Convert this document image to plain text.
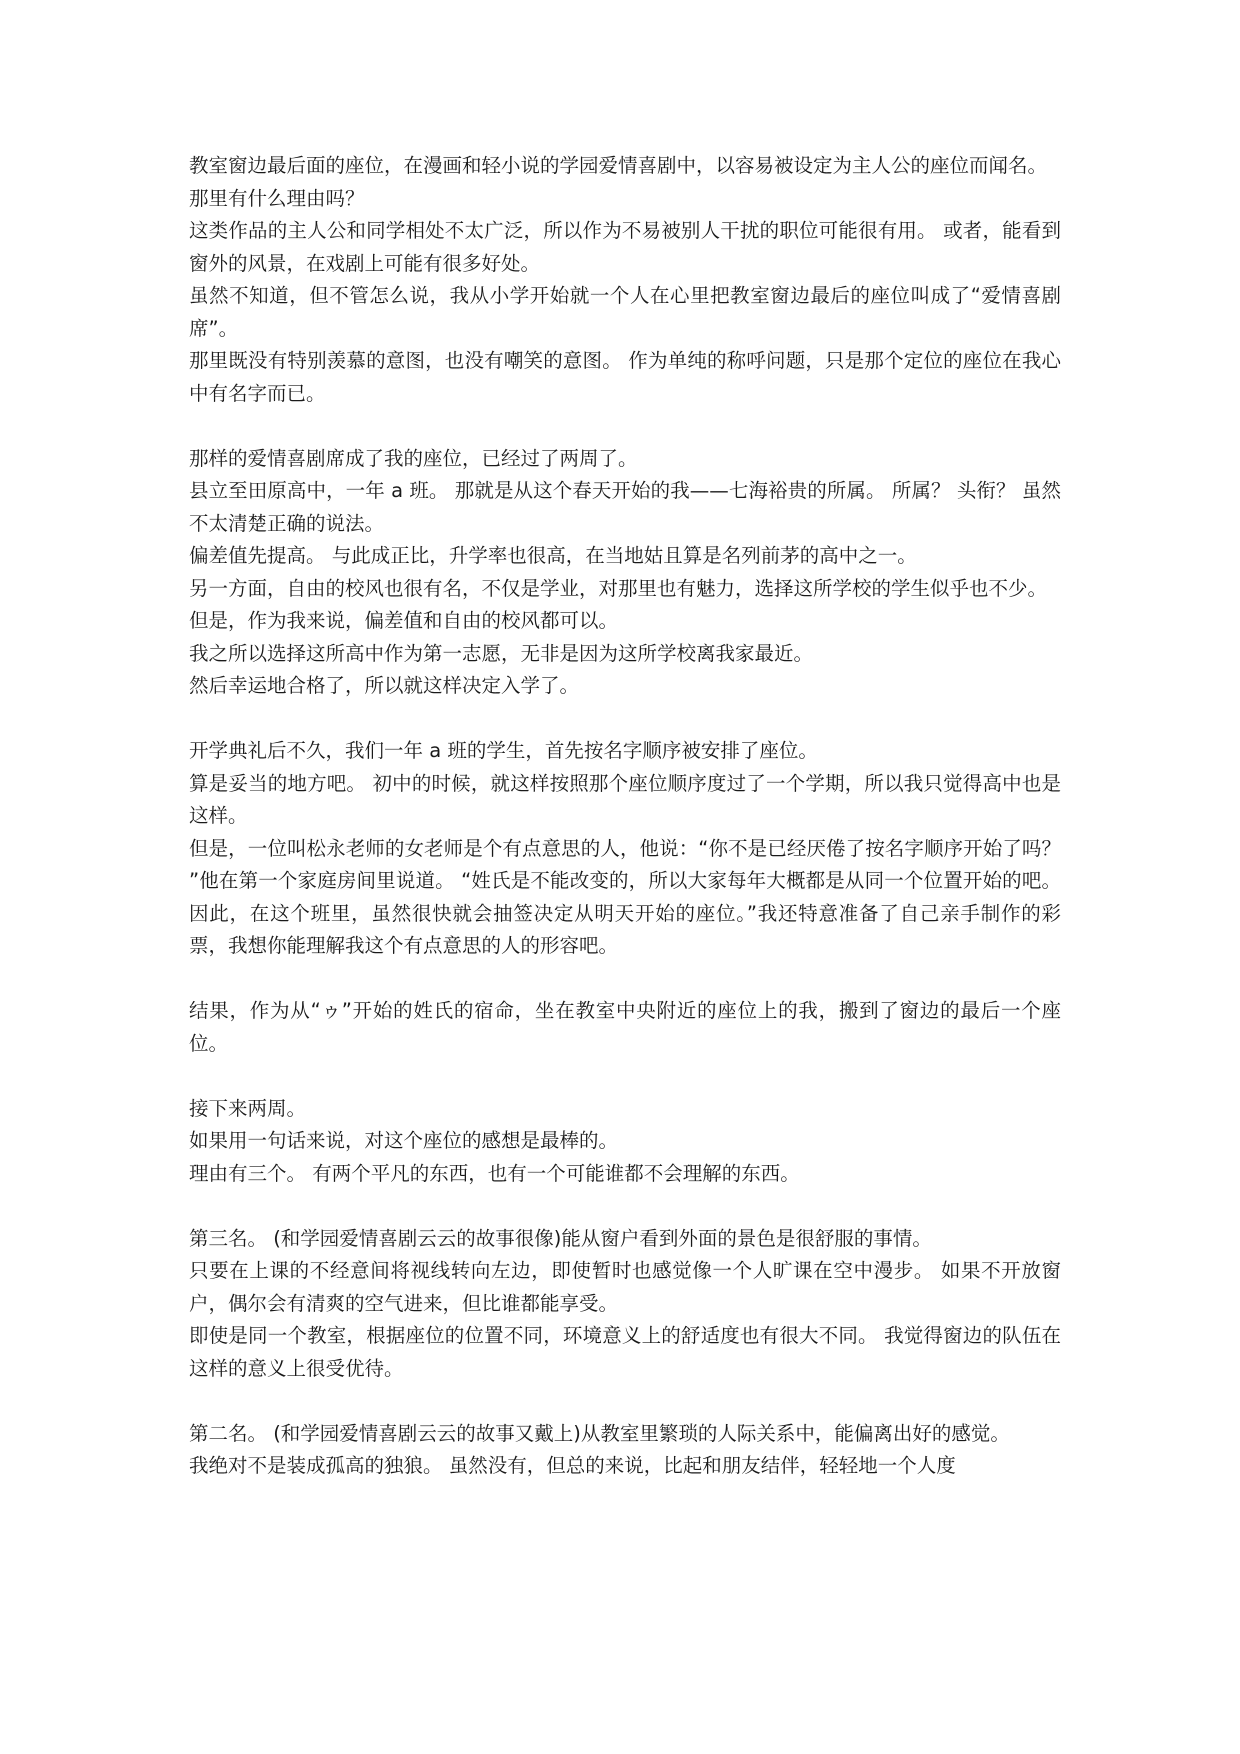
教室窗边最后面的座位，在漫画和轻小说的学园爱情喜剧中，以容易被设定为主人公的座位而闻名。

那里有什么理由吗？

这类作品的主人公和同学相处不太广泛，所以作为不易被别人干扰的职位可能很有用。 或者，能看到窗外的风景，在戏剧上可能有很多好处。

虽然不知道，但不管怎么说，我从小学开始就一个人在心里把教室窗边最后的座位叫成了“爱情喜剧席”。

那里既没有特别羡慕的意图，也没有嘲笑的意图。 作为单纯的称呼问题，只是那个定位的座位在我心中有名字而已。

那样的爱情喜剧席成了我的座位，已经过了两周了。

县立至田原高中，一年 a 班。 那就是从这个春天开始的我——七海裕贵的所属。 所属？ 头衔？ 虽然不太清楚正确的说法。

偏差值先提高。 与此成正比，升学率也很高，在当地姑且算是名列前茅的高中之一。

另一方面，自由的校风也很有名，不仅是学业，对那里也有魅力，选择这所学校的学生似乎也不少。

但是，作为我来说，偏差值和自由的校风都可以。

我之所以选择这所高中作为第一志愿，无非是因为这所学校离我家最近。

然后幸运地合格了，所以就这样决定入学了。

开学典礼后不久，我们一年 a 班的学生，首先按名字顺序被安排了座位。

算是妥当的地方吧。 初中的时候，就这样按照那个座位顺序度过了一个学期，所以我只觉得高中也是这样。

但是，一位叫松永老师的女老师是个有点意思的人，他说：“你不是已经厌倦了按名字顺序开始了吗？ ”他在第一个家庭房间里说道。 “姓氏是不能改变的，所以大家每年大概都是从同一个位置开始的吧。 因此，在这个班里，虽然很快就会抽签决定从明天开始的座位。”我还特意准备了自己亲手制作的彩票，我想你能理解我这个有点意思的人的形容吧。

结果，作为从“ゥ”开始的姓氏的宿命，坐在教室中央附近的座位上的我，搬到了窗边的最后一个座位。

接下来两周。

如果用一句话来说，对这个座位的感想是最棒的。

理由有三个。 有两个平凡的东西，也有一个可能谁都不会理解的东西。

第三名。 (和学园爱情喜剧云云的故事很像)能从窗户看到外面的景色是很舒服的事情。

只要在上课的不经意间将视线转向左边，即使暂时也感觉像一个人旷课在空中漫步。 如果不开放窗户，偶尔会有清爽的空气进来，但比谁都能享受。

即使是同一个教室，根据座位的位置不同，环境意义上的舒适度也有很大不同。 我觉得窗边的队伍在这样的意义上很受优待。

第二名。 (和学园爱情喜剧云云的故事又戴上)从教室里繁琐的人际关系中，能偏离出好的感觉。

我绝对不是装成孤高的独狼。 虽然没有，但总的来说，比起和朋友结伴，轻轻地一个人度
